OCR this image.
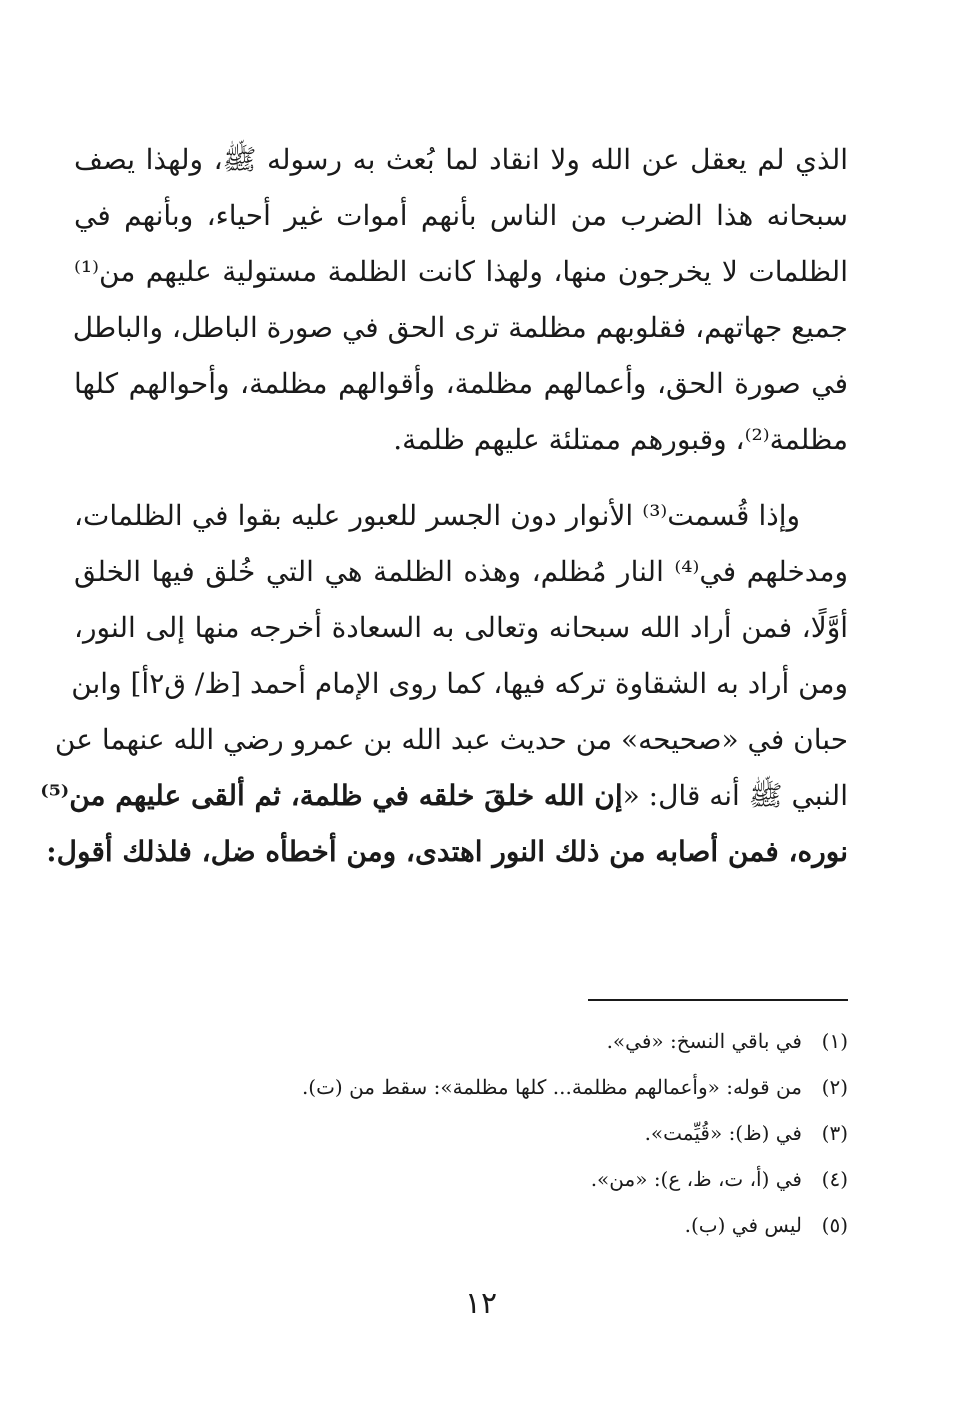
الذي لم يعقل عن الله ولا انقاد لما بُعث به رسوله ﷺ، ولهذا يصف
سبحانه هذا الضرب من الناس بأنهم أموات غير أحياء، وبأنهم في
الظلمات لا يخرجون منها، ولهذا كانت الظلمة مستولية عليهم من⁽¹⁾
جميع جهاتهم، فقلوبهم مظلمة ترى الحق في صورة الباطل، والباطل
في صورة الحق، وأعمالهم مظلمة، وأقوالهم مظلمة، وأحوالهم كلها
مظلمة⁽²⁾، وقبورهم ممتلئة عليهم ظلمة.
وإذا قُسمت⁽³⁾ الأنوار دون الجسر للعبور عليه بقوا في الظلمات،
ومدخلهم في⁽⁴⁾ النار مُظلم، وهذه الظلمة هي التي خُلق فيها الخلق
أوَّلًا، فمن أراد الله سبحانه وتعالى به السعادة أخرجه منها إلى النور،
ومن أراد به الشقاوة تركه فيها، كما روى الإمام أحمد [ظ/ ق٢أ] وابن
حبان في «صحيحه» من حديث عبد الله بن عمرو رضي الله عنهما عن
النبي ﷺ أنه قال: «إن الله خلقَ خلقه في ظلمة، ثم ألقى عليهم من⁽⁵⁾
نوره، فمن أصابه من ذلك النور اهتدى، ومن أخطأه ضل، فلذلك أقول:
(١)
في باقي النسخ: «في».
(٢)
من قوله: «وأعمالهم مظلمة... كلها مظلمة»: سقط من (ت).
(٣)
في (ظ): «قُيِّمت».
(٤)
في (أ، ت، ظ، ع): «من».
(٥)
ليس في (ب).
١٢
